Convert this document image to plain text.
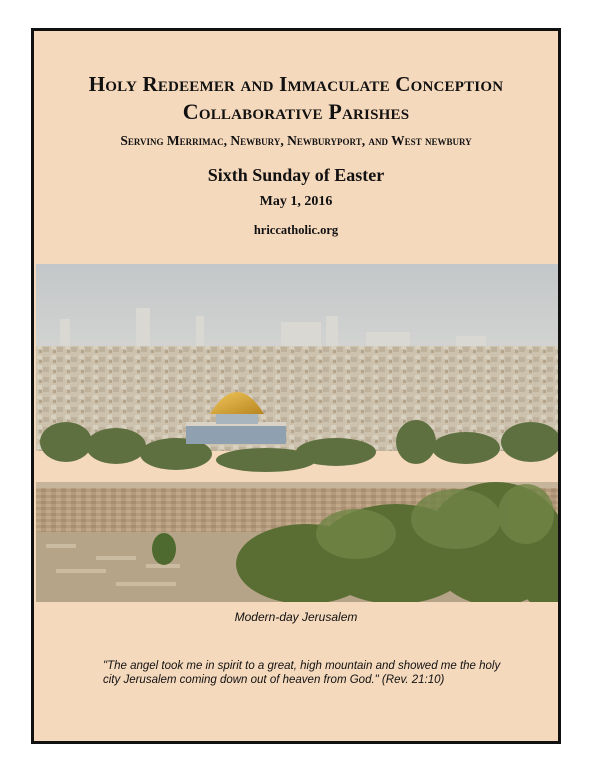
Holy Redeemer and Immaculate Conception
Collaborative Parishes
Serving Merrimac, Newbury, Newburyport, and West newbury
Sixth Sunday of Easter
May 1, 2016
hriccatholic.org
Modern-day Jerusalem
"The angel took me in spirit to a great, high mountain and showed me the holy city Jerusalem coming down out of heaven from God." (Rev. 21:10)
